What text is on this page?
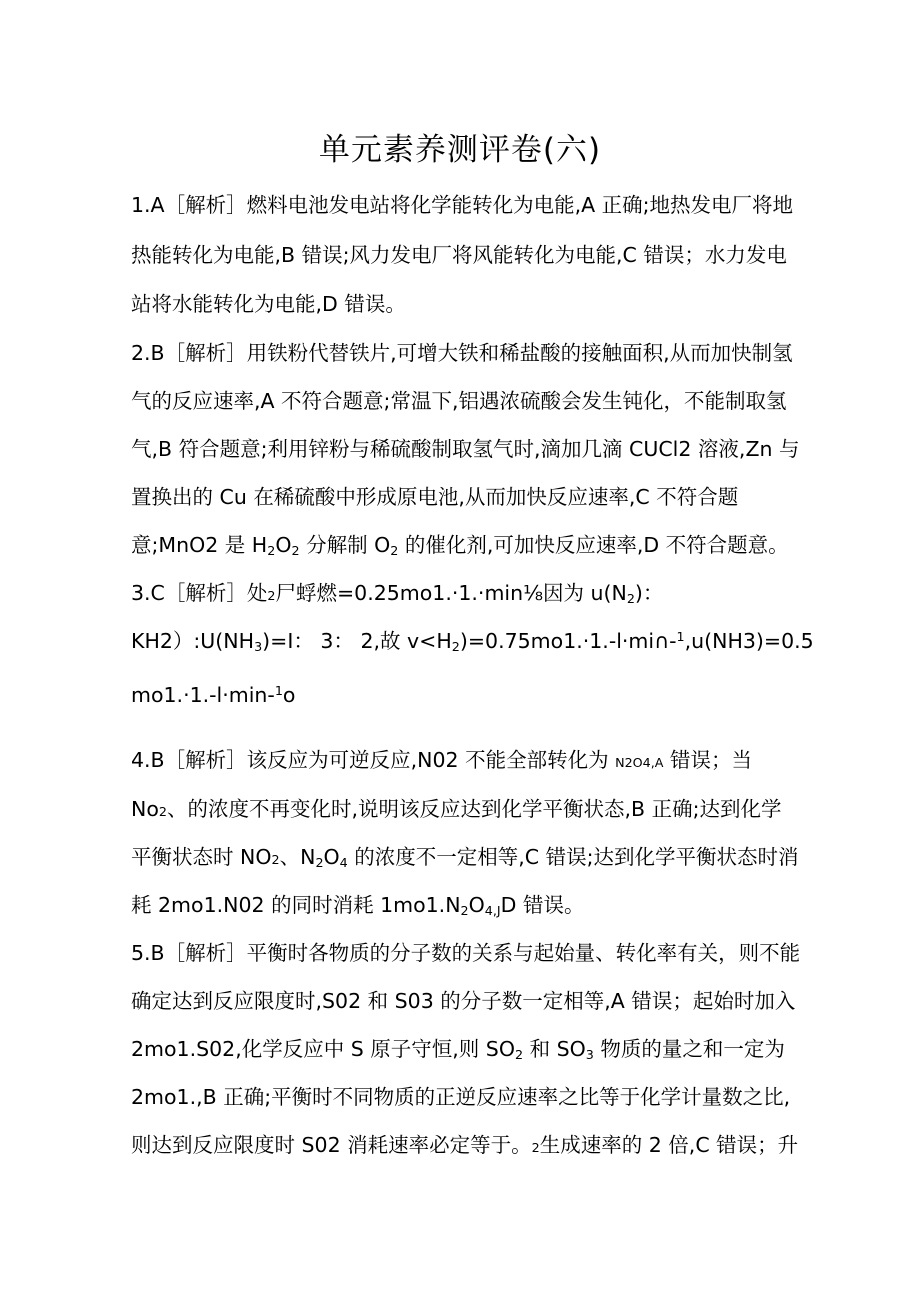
单元素养测评卷(六)
1.A［解析］燃料电池发电站将化学能转化为电能,A 正确;地热发电厂将地
热能转化为电能,B 错误;风力发电厂将风能转化为电能,C 错误；水力发电
站将水能转化为电能,D 错误。
2.B［解析］用铁粉代替铁片,可增大铁和稀盐酸的接触面积,从而加快制氢
气的反应速率,A 不符合题意;常温下,铝遇浓硫酸会发生钝化，不能制取氢
气,B 符合题意;利用锌粉与稀硫酸制取氢气时,滴加几滴 CUCl2 溶液,Zn 与
置换出的 Cu 在稀硫酸中形成原电池,从而加快反应速率,C 不符合题
意;MnO2 是 $H_2O_2$ 分解制 $O_2$ 的催化剂,可加快反应速率,D 不符合题意。
3.C［解析］处2尸蜉燃=0.25mo1.·1.·min⅛因为 $u(N_2)$：
$KH2):U(NH_3)=I$： 3： 2,故 $v<H_2)=0.75mo1.\cdot 1.-l\cdot mi\cap-^1,u(NH3)=0.5$
mo1.·1.-l·min-$^1$o
4.B［解析］该反应为可逆反应,N02 不能全部转化为 N2O4,A 错误；当
No2、的浓度不再变化时,说明该反应达到化学平衡状态,B 正确;达到化学
平衡状态时 NO2、$N_2O_4$ 的浓度不一定相等,C 错误;达到化学平衡状态时消
耗 2mo1.N02 的同时消耗 $1mo1.N_2O_{4,J}D$ 错误。
5.B［解析］平衡时各物质的分子数的关系与起始量、转化率有关，则不能
确定达到反应限度时,S02 和 S03 的分子数一定相等,A 错误；起始时加入
2mo1.S02,化学反应中 S 原子守恒,则 $SO_2$ 和 $SO_3$ 物质的量之和一定为
2mo1.,B 正确;平衡时不同物质的正逆反应速率之比等于化学计量数之比,
则达到反应限度时 S02 消耗速率必定等于。2生成速率的 2 倍,C 错误；升
